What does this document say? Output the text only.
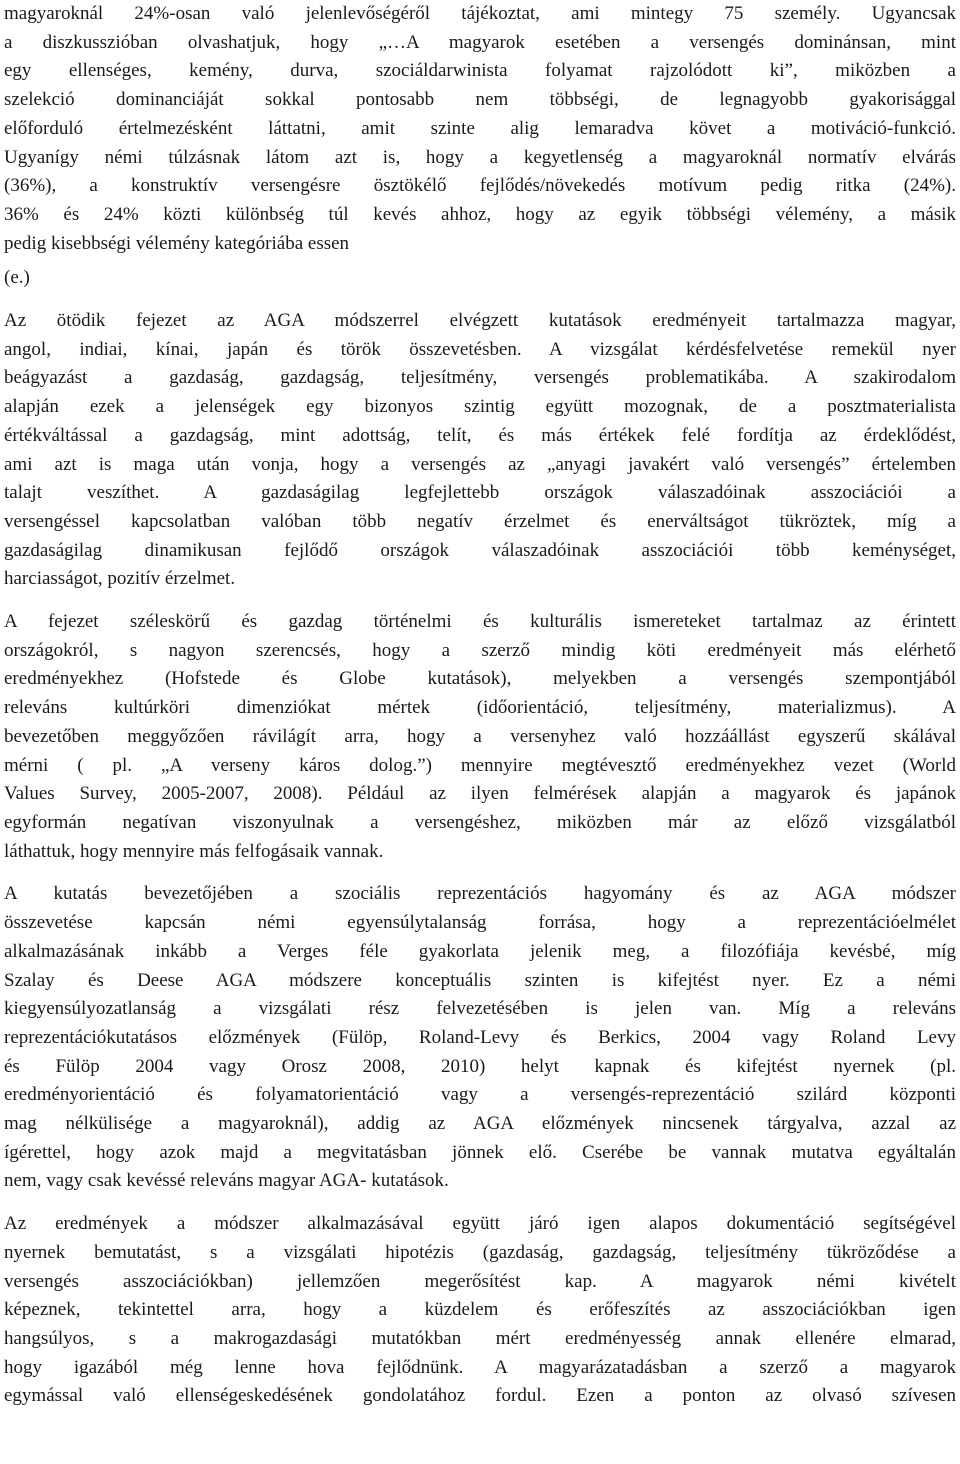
magyaroknál 24%-osan való jelenlevőségéről tájékoztat, ami mintegy 75 személy. Ugyancsak
a diszkusszióban olvashatjuk, hogy „…A magyarok esetében a versengés dominánsan, mint
egy ellenséges, kemény, durva, szociáldarwinista folyamat rajzolódott ki”, miközben a
szelekció dominanciáját sokkal pontosabb nem többségi, de legnagyobb gyakorisággal
előforduló értelmezésként láttatni, amit szinte alig lemaradva követ a motiváció-funkció.
Ugyanígy némi túlzásnak látom azt is, hogy a kegyetlenség a magyaroknál normatív elvárás
(36%), a konstruktív versengésre ösztökélő fejlődés/növekedés motívum pedig ritka (24%).
36% és 24% közti különbség túl kevés ahhoz, hogy az egyik többségi vélemény, a másik
pedig kisebbségi vélemény kategóriába essen

(e.)

Az ötödik fejezet az AGA módszerrel elvégzett kutatások eredményeit tartalmazza magyar,
angol, indiai, kínai, japán és török összevetésben. A vizsgálat kérdésfelvetése remekül nyer
beágyazást a gazdaság, gazdagság, teljesítmény, versengés problematikába. A szakirodalom
alapján ezek a jelenségek egy bizonyos szintig együtt mozognak, de a posztmaterialista
értékváltással a gazdagság, mint adottság, telít, és más értékek felé fordítja az érdeklődést,
ami azt is maga után vonja, hogy a versengés az „anyagi javakért való versengés” értelemben
talajt veszíthet. A gazdaságilag legfejlettebb országok válaszadóinak asszociációi a
versengéssel kapcsolatban valóban több negatív érzelmet és enerváltságot tükröztek, míg a
gazdaságilag dinamikusan fejlődő országok válaszadóinak asszociációi több keménységet,
harciasságot, pozitív érzelmet.

A fejezet széleskörű és gazdag történelmi és kulturális ismereteket tartalmaz az érintett
országokról, s nagyon szerencsés, hogy a szerző mindig köti eredményeit más elérhető
eredményekhez (Hofstede és Globe kutatások), melyekben a versengés szempontjából
releváns kultúrköri dimenziókat mértek (időorientáció, teljesítmény, materializmus). A
bevezetőben meggyőzően rávilágít arra, hogy a versenyhez való hozzáállást egyszerű skálával
mérni ( pl. „A verseny káros dolog.”) mennyire megtévesztő eredményekhez vezet (World
Values Survey, 2005-2007, 2008). Például az ilyen felmérések alapján a magyarok és japánok
egyformán negatívan viszonyulnak a versengéshez, miközben már az előző vizsgálatból
láthattuk, hogy mennyire más felfogásaik vannak.

A kutatás bevezetőjében a szociális reprezentációs hagyomány és az AGA módszer
összevetése kapcsán némi egyensúlytalanság forrása, hogy a reprezentációelmélet
alkalmazásának inkább a Verges féle gyakorlata jelenik meg, a filozófiája kevésbé, míg
Szalay és Deese AGA módszere konceptuális szinten is kifejtést nyer. Ez a némi
kiegyensúlyozatlanság a vizsgálati rész felvezetésében is jelen van. Míg a releváns
reprezentációkutatásos előzmények (Fülöp, Roland-Levy és Berkics, 2004 vagy Roland Levy
és Fülöp 2004 vagy Orosz 2008, 2010) helyt kapnak és kifejtést nyernek (pl.
eredményorientáció és folyamatorientáció vagy a versengés-reprezentáció szilárd központi
mag nélkülisége a magyaroknál), addig az AGA előzmények nincsenek tárgyalva, azzal az
ígérettel, hogy azok majd a megvitatásban jönnek elő. Cserébe be vannak mutatva egyáltalán
nem, vagy csak kevéssé releváns magyar AGA- kutatások.

Az eredmények a módszer alkalmazásával együtt járó igen alapos dokumentáció segítségével
nyernek bemutatást, s a vizsgálati hipotézis (gazdaság, gazdagság, teljesítmény tükröződése a
versengés asszociációkban) jellemzően megerősítést kap. A magyarok némi kivételt
képeznek, tekintettel arra, hogy a küzdelem és erőfeszítés az asszociációkban igen
hangsúlyos, s a makrogazdasági mutatókban mért eredményesség annak ellenére elmarad,
hogy igazából még lenne hova fejlődnünk. A magyarázatadásban a szerző a magyarok
egymással való ellenségeskedésének gondolatához fordul. Ezen a ponton az olvasó szívesen
